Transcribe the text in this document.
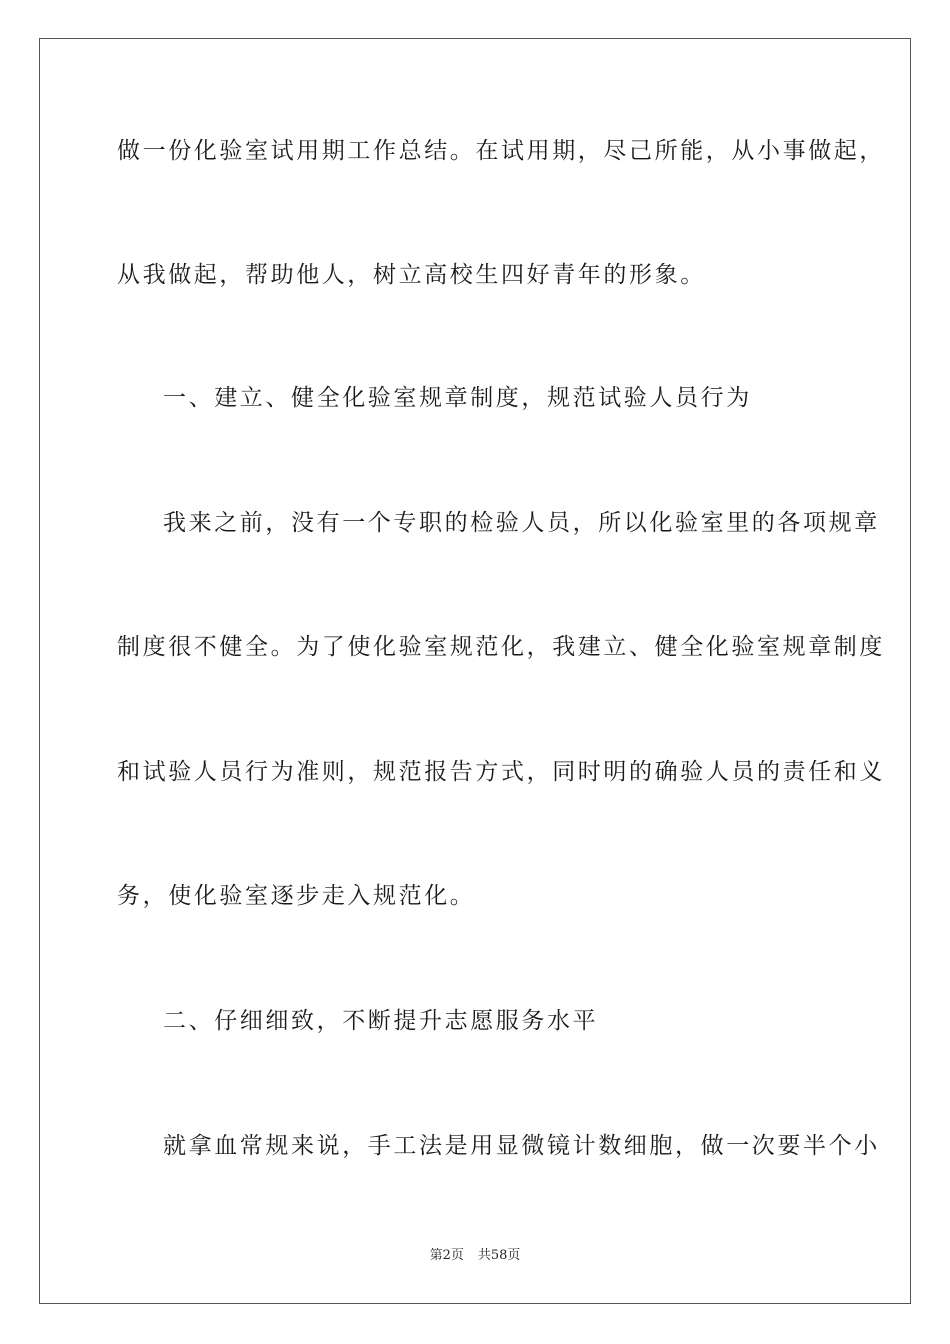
做一份化验室试用期工作总结。在试用期，尽己所能，从小事做起，
从我做起，帮助他人，树立高校生四好青年的形象。
一、建立、健全化验室规章制度，规范试验人员行为
我来之前，没有一个专职的检验人员，所以化验室里的各项规章
制度很不健全。为了使化验室规范化，我建立、健全化验室规章制度
和试验人员行为准则，规范报告方式，同时明的确验人员的责任和义
务，使化验室逐步走入规范化。
二、仔细细致，不断提升志愿服务水平
就拿血常规来说，手工法是用显微镜计数细胞，做一次要半个小
第2页 共58页
